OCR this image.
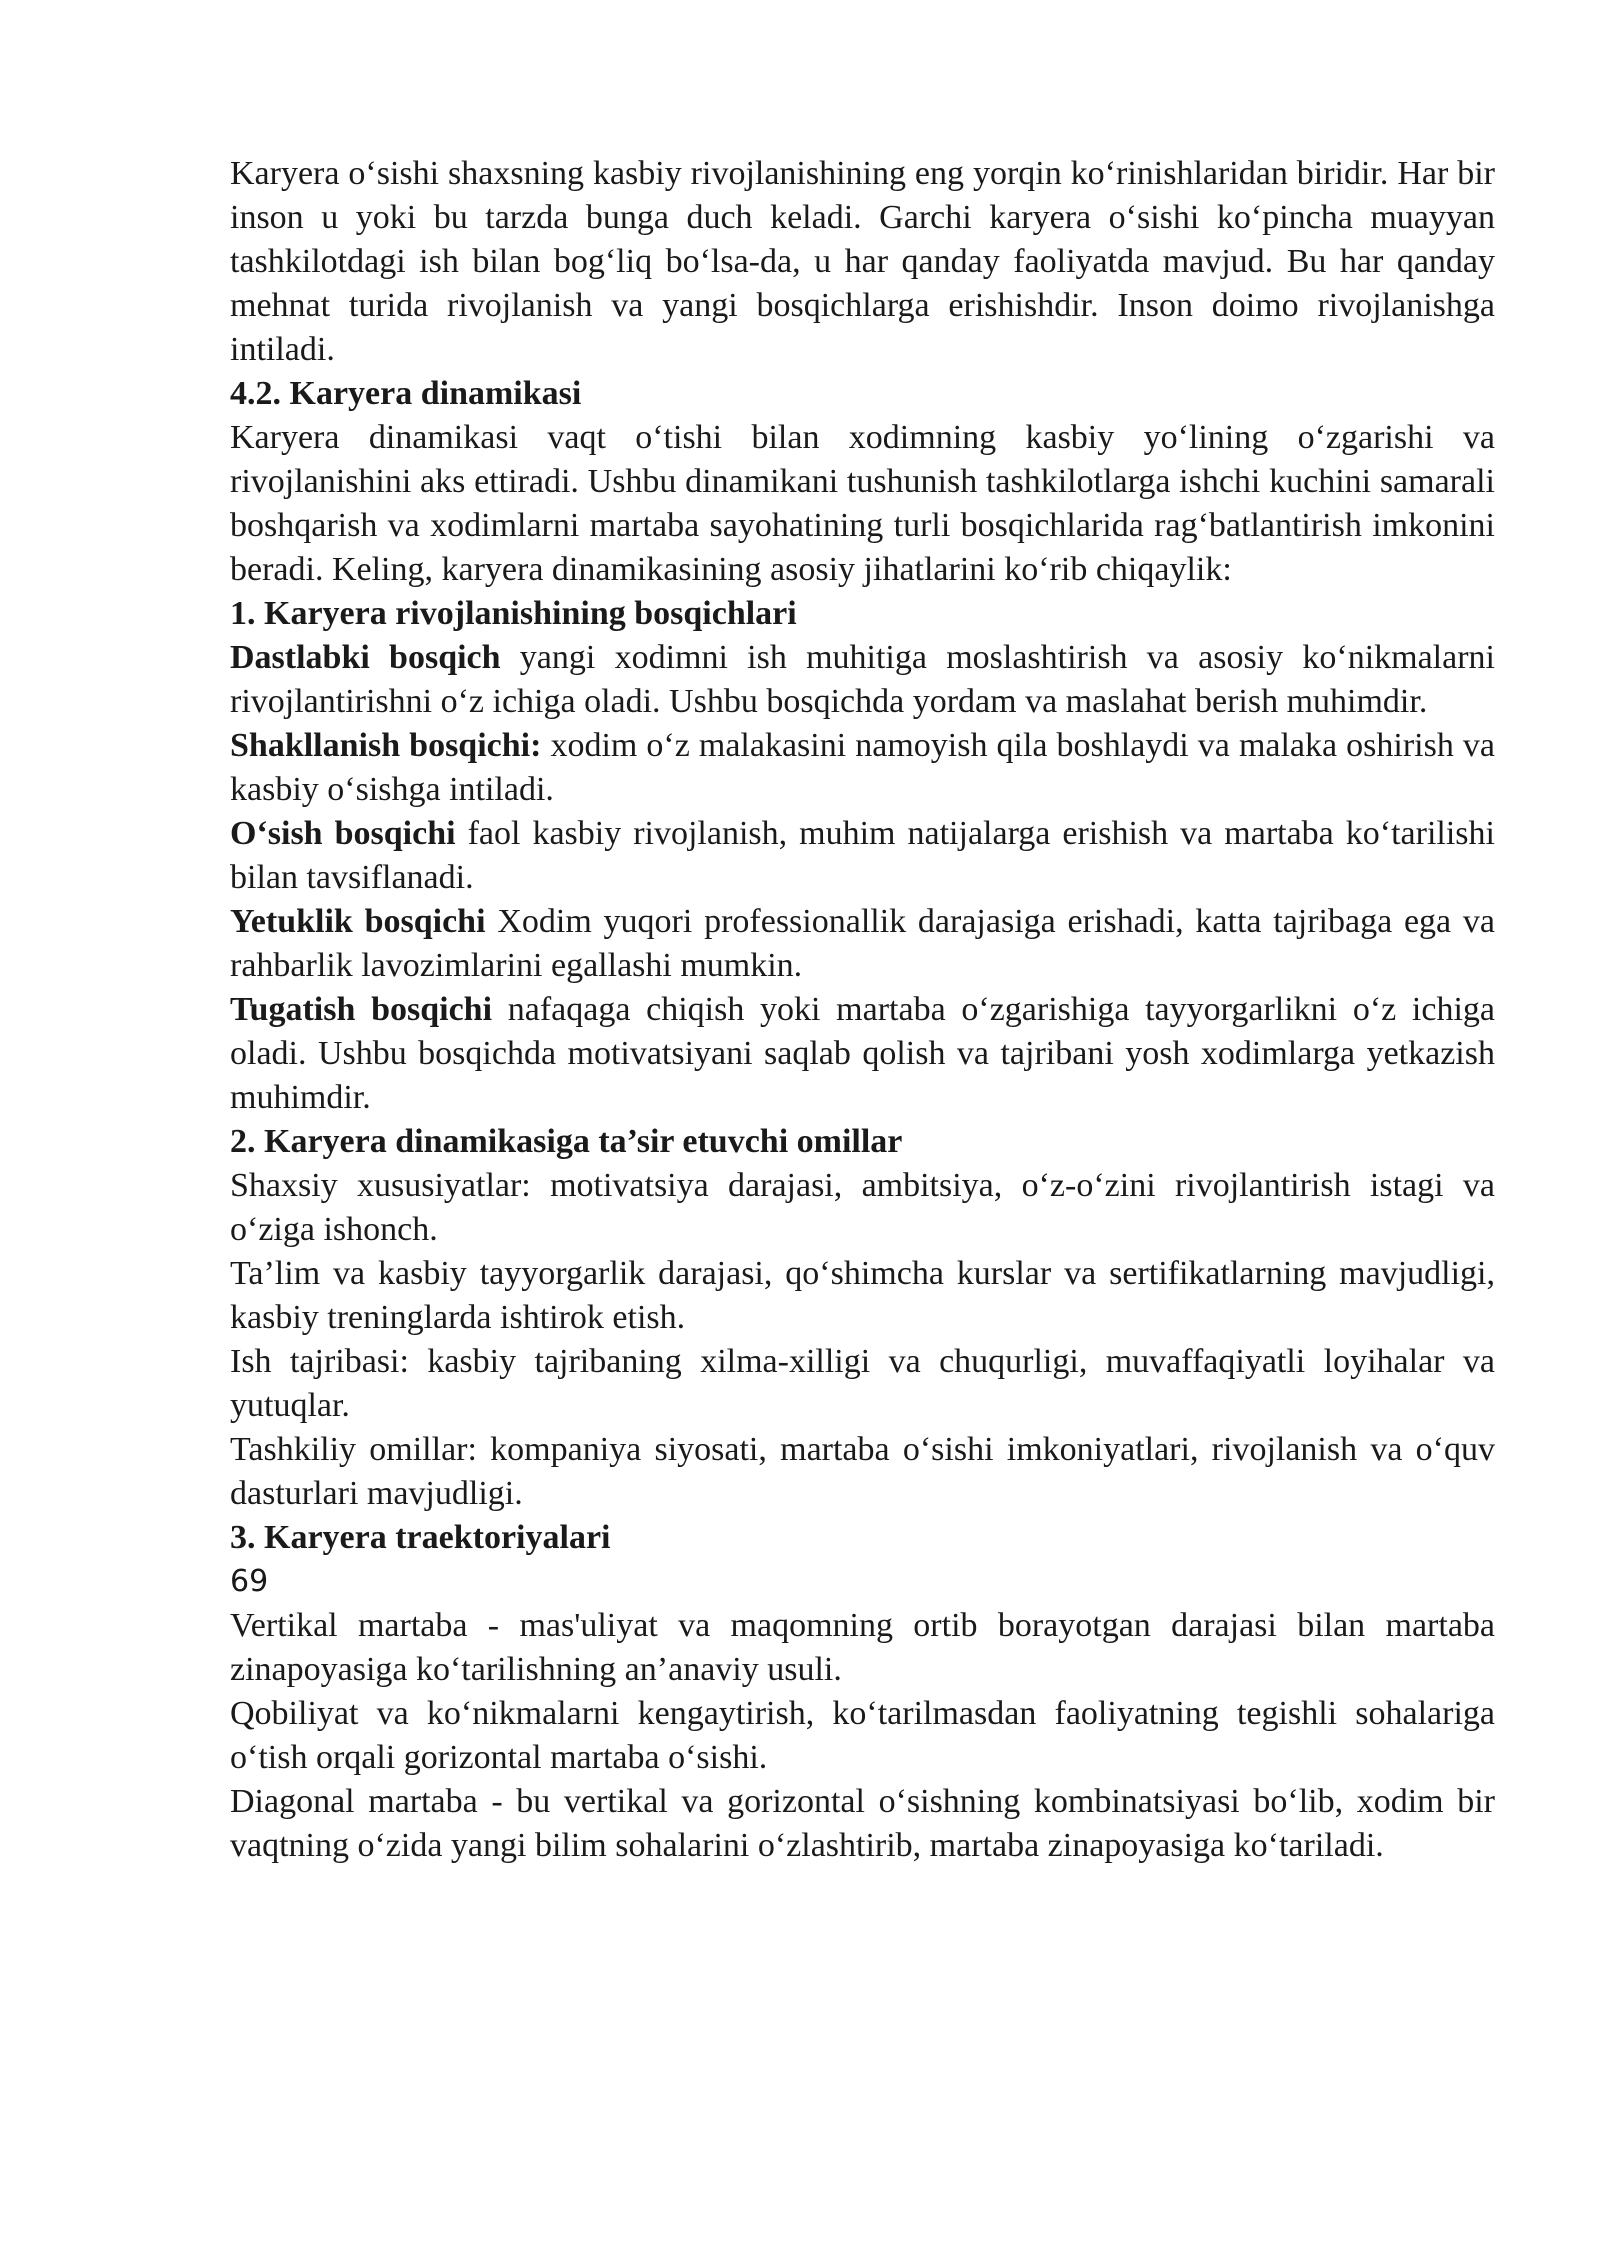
Karyera o‘sishi shaxsning kasbiy rivojlanishining eng yorqin ko‘rinishlaridan biridir. Har bir inson u yoki bu tarzda bunga duch keladi. Garchi karyera o‘sishi ko‘pincha muayyan tashkilotdagi ish bilan bog‘liq bo‘lsa-da, u har qanday faoliyatda mavjud. Bu har qanday mehnat turida rivojlanish va yangi bosqichlarga erishishdir. Inson doimo rivojlanishga intiladi.

4.2. Karyera dinamikasi

Karyera dinamikasi vaqt o‘tishi bilan xodimning kasbiy yo‘lining o‘zgarishi va rivojlanishini aks ettiradi. Ushbu dinamikani tushunish tashkilotlarga ishchi kuchini samarali boshqarish va xodimlarni martaba sayohatining turli bosqichlarida rag‘batlantirish imkonini beradi. Keling, karyera dinamikasining asosiy jihatlarini ko‘rib chiqaylik:

1. Karyera rivojlanishining bosqichlari

Dastlabki bosqich yangi xodimni ish muhitiga moslashtirish va asosiy ko‘nikmalarni rivojlantirishni o‘z ichiga oladi. Ushbu bosqichda yordam va maslahat berish muhimdir.

Shakllanish bosqichi: xodim o‘z malakasini namoyish qila boshlaydi va malaka oshirish va kasbiy o‘sishga intiladi.

O‘sish bosqichi faol kasbiy rivojlanish, muhim natijalarga erishish va martaba ko‘tarilishi bilan tavsiflanadi.

Yetuklik bosqichi Xodim yuqori professionallik darajasiga erishadi, katta tajribaga ega va rahbarlik lavozimlarini egallashi mumkin.

Tugatish bosqichi nafaqaga chiqish yoki martaba o‘zgarishiga tayyorgarlikni o‘z ichiga oladi. Ushbu bosqichda motivatsiyani saqlab qolish va tajribani yosh xodimlarga yetkazish muhimdir.

2. Karyera dinamikasiga ta’sir etuvchi omillar

Shaxsiy xususiyatlar: motivatsiya darajasi, ambitsiya, o‘z-o‘zini rivojlantirish istagi va o‘ziga ishonch.

Ta’lim va kasbiy tayyorgarlik darajasi, qo‘shimcha kurslar va sertifikatlarning mavjudligi, kasbiy treninglarda ishtirok etish.

Ish tajribasi: kasbiy tajribaning xilma-xilligi va chuqurligi, muvaffaqiyatli loyihalar va yutuqlar.

Tashkiliy omillar: kompaniya siyosati, martaba o‘sishi imkoniyatlari, rivojlanish va o‘quv dasturlari mavjudligi.

3. Karyera traektoriyalari

69

Vertikal martaba - mas'uliyat va maqomning ortib borayotgan darajasi bilan martaba zinapoyasiga ko‘tarilishning an’anaviy usuli.

Qobiliyat va ko‘nikmalarni kengaytirish, ko‘tarilmasdan faoliyatning tegishli sohalariga o‘tish orqali gorizontal martaba o‘sishi.

Diagonal martaba - bu vertikal va gorizontal o‘sishning kombinatsiyasi bo‘lib, xodim bir vaqtning o‘zida yangi bilim sohalarini o‘zlashtirib, martaba zinapoyasiga ko‘tariladi.
